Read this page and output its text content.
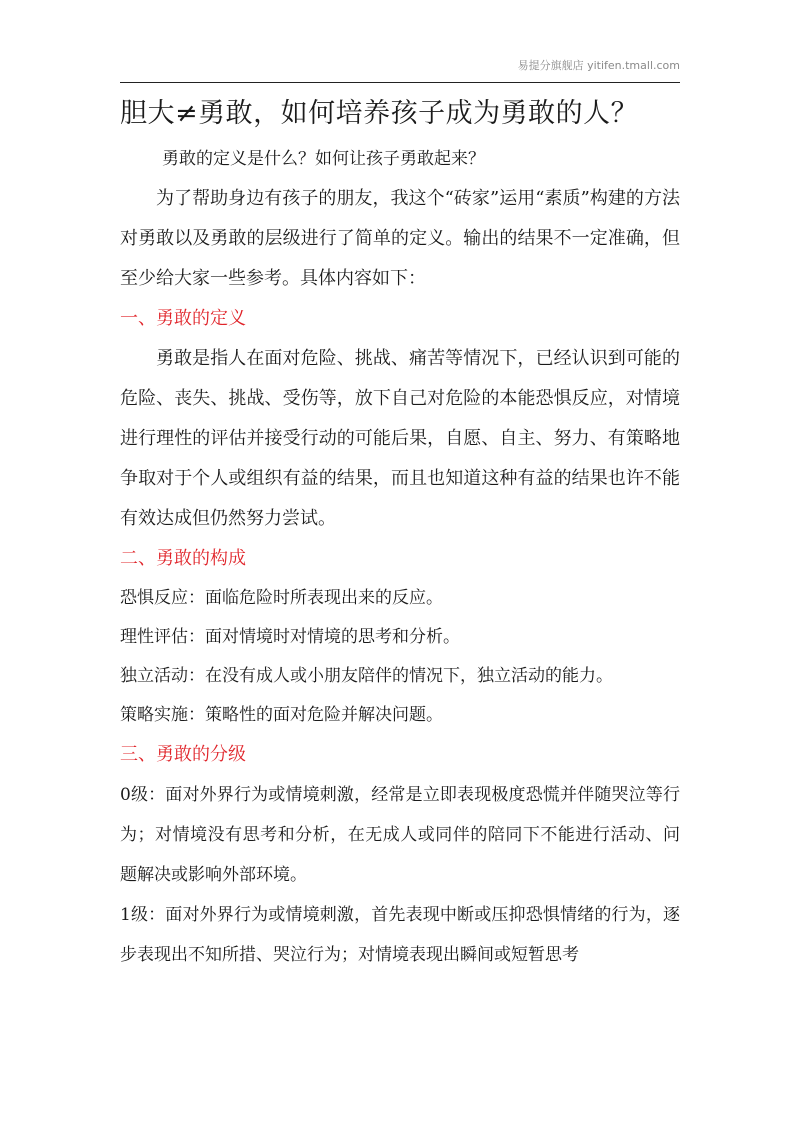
易提分旗舰店 yitifen.tmall.com
胆大≠勇敢，如何培养孩子成为勇敢的人？

勇敢的定义是什么？如何让孩子勇敢起来？

为了帮助身边有孩子的朋友，我这个“砖家”运用“素质”构建的方法对勇敢以及勇敢的层级进行了简单的定义。输出的结果不一定准确，但至少给大家一些参考。具体内容如下：

一、勇敢的定义

勇敢是指人在面对危险、挑战、痛苦等情况下，已经认识到可能的危险、丧失、挑战、受伤等，放下自己对危险的本能恐惧反应，对情境进行理性的评估并接受行动的可能后果，自愿、自主、努力、有策略地争取对于个人或组织有益的结果，而且也知道这种有益的结果也许不能有效达成但仍然努力尝试。

二、勇敢的构成

恐惧反应：面临危险时所表现出来的反应。

理性评估：面对情境时对情境的思考和分析。

独立活动：在没有成人或小朋友陪伴的情况下，独立活动的能力。

策略实施：策略性的面对危险并解决问题。

三、勇敢的分级

0级：面对外界行为或情境刺激，经常是立即表现极度恐慌并伴随哭泣等行为；对情境没有思考和分析，在无成人或同伴的陪同下不能进行活动、问题解决或影响外部环境。

1级：面对外界行为或情境刺激，首先表现中断或压抑恐惧情绪的行为，逐步表现出不知所措、哭泣行为；对情境表现出瞬间或短暂思考
